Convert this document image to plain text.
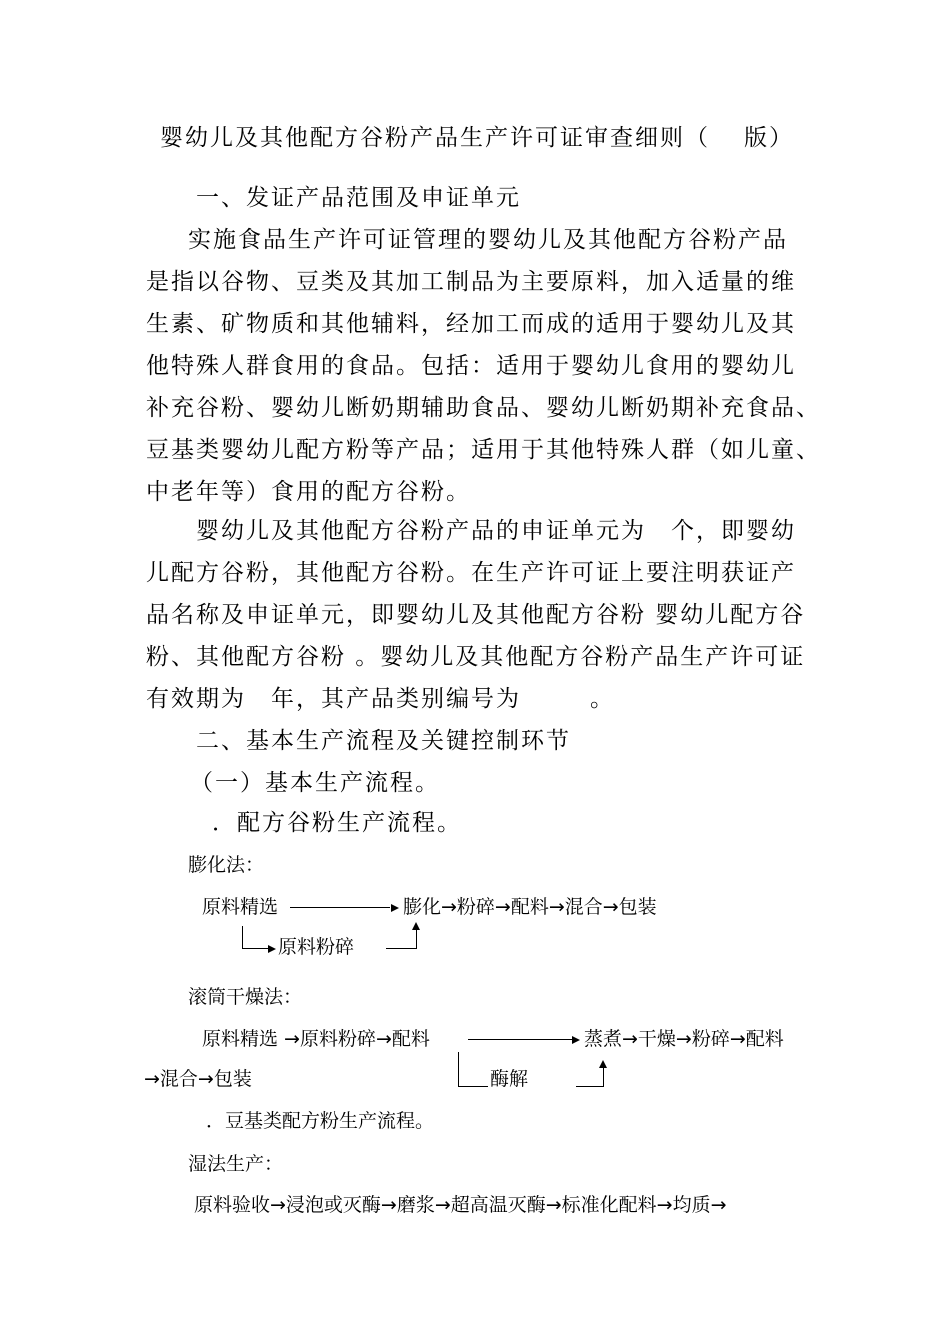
婴幼儿及其他配方谷粉产品生产许可证审查细则（ 版）
一、发证产品范围及申证单元
实施食品生产许可证管理的婴幼儿及其他配方谷粉产品
是指以谷物、豆类及其加工制品为主要原料，加入适量的维
生素、矿物质和其他辅料，经加工而成的适用于婴幼儿及其
他特殊人群食用的食品。包括：适用于婴幼儿食用的婴幼儿
补充谷粉、婴幼儿断奶期辅助食品、婴幼儿断奶期补充食品、
豆基类婴幼儿配方粉等产品；适用于其他特殊人群（如儿童、
中老年等）食用的配方谷粉。
婴幼儿及其他配方谷粉产品的申证单元为　个，即婴幼
儿配方谷粉，其他配方谷粉。在生产许可证上要注明获证产
品名称及申证单元，即婴幼儿及其他配方谷粉 婴幼儿配方谷
粉、其他配方谷粉 。婴幼儿及其他配方谷粉产品生产许可证
有效期为　年，其产品类别编号为	。
二、基本生产流程及关键控制环节
（一）基本生产流程。
．配方谷粉生产流程。
膨化法：
原料精选	膨化→粉碎→配料→混合→包装
原料粉碎
滚筒干燥法：
原料精选 →原料粉碎→配料	蒸煮→干燥→粉碎→配料
→混合→包装	酶解
．豆基类配方粉生产流程。
湿法生产：
原料验收→浸泡或灭酶→磨浆→超高温灭酶→标准化配料→均质→
